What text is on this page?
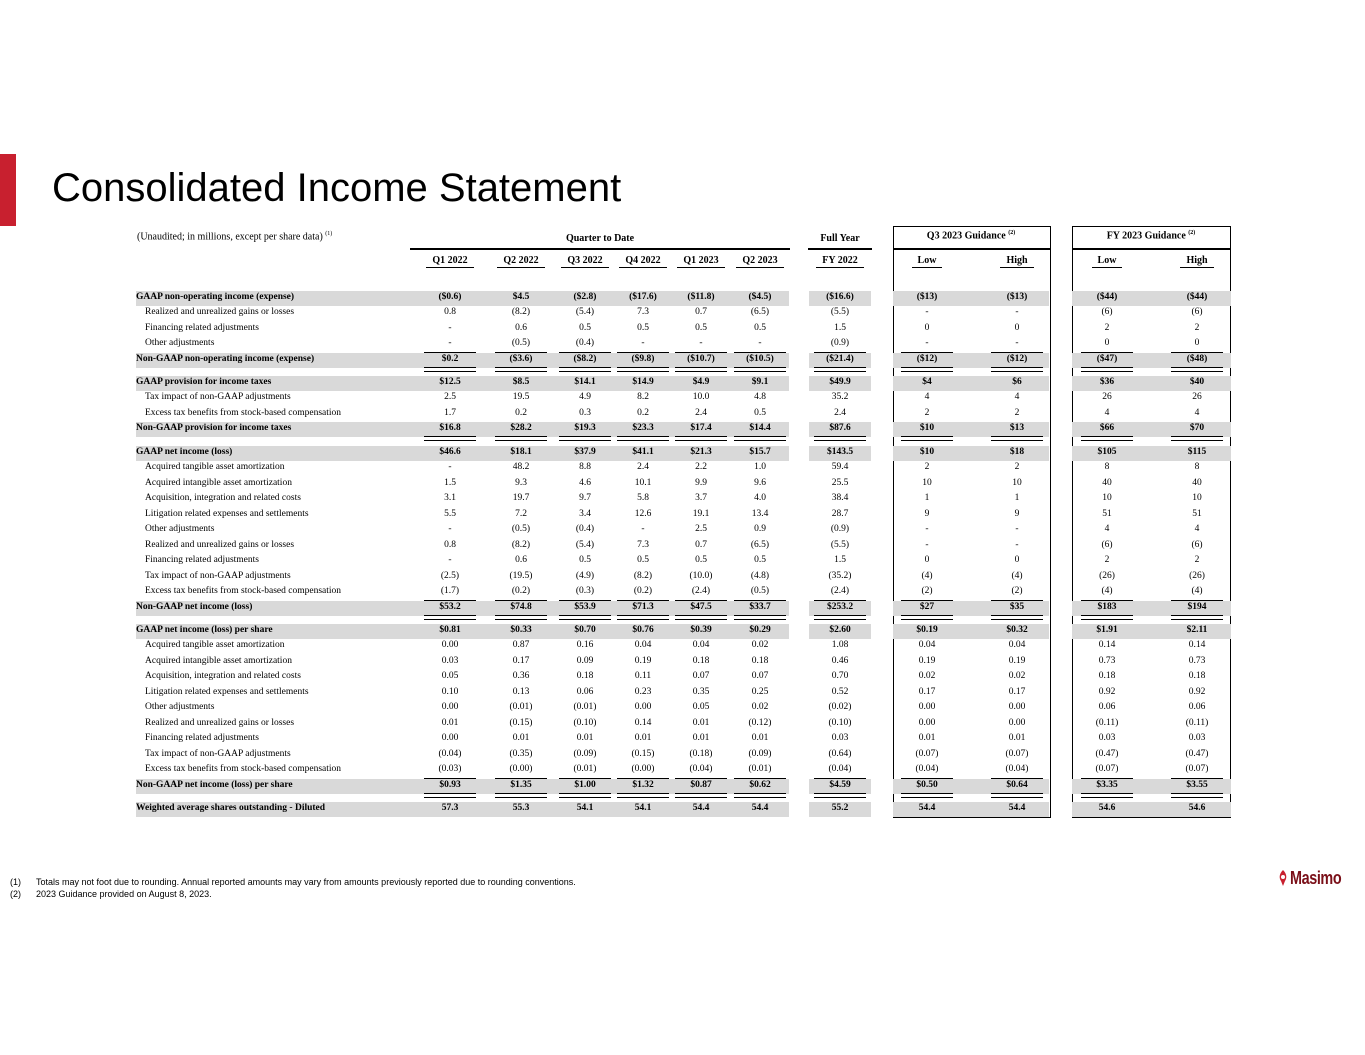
Consolidated Income Statement
(Unaudited; in millions, except per share data) $^{(1)}$	Quarter to Date	Full Year	Q3 2023 Guidance $^{(2)}$	FY 2023 Guidance $^{(2)}$
Q1 2022	Q2 2022	Q3 2022	Q4 2022	Q1 2023	Q2 2023	FY 2022	Low	High	Low	High
GAAP non-operating income (expense)	($0.6)	$4.5	($2.8)	($17.6)	($11.8)	($4.5)	($16.6)	($13)	($13)	($44)	($44)
Realized and unrealized gains or losses	0.8	(8.2)	(5.4)	7.3	0.7	(6.5)	(5.5)	-	-	(6)	(6)
Financing related adjustments	-	0.6	0.5	0.5	0.5	0.5	1.5	0	0	2	2
Other adjustments	-	(0.5)	(0.4)	-	-	-	(0.9)	-	-	0	0
Non-GAAP non-operating income (expense)	$0.2	($3.6)	($8.2)	($9.8)	($10.7)	($10.5)	($21.4)	($12)	($12)	($47)	($48)
GAAP provision for income taxes	$12.5	$8.5	$14.1	$14.9	$4.9	$9.1	$49.9	$4	$6	$36	$40
Tax impact of non-GAAP adjustments	2.5	19.5	4.9	8.2	10.0	4.8	35.2	4	4	26	26
Excess tax benefits from stock-based compensation	1.7	0.2	0.3	0.2	2.4	0.5	2.4	2	2	4	4
Non-GAAP provision for income taxes	$16.8	$28.2	$19.3	$23.3	$17.4	$14.4	$87.6	$10	$13	$66	$70
GAAP net income (loss)	$46.6	$18.1	$37.9	$41.1	$21.3	$15.7	$143.5	$10	$18	$105	$115
Acquired tangible asset amortization	-	48.2	8.8	2.4	2.2	1.0	59.4	2	2	8	8
Acquired intangible asset amortization	1.5	9.3	4.6	10.1	9.9	9.6	25.5	10	10	40	40
Acquisition, integration and related costs	3.1	19.7	9.7	5.8	3.7	4.0	38.4	1	1	10	10
Litigation related expenses and settlements	5.5	7.2	3.4	12.6	19.1	13.4	28.7	9	9	51	51
Other adjustments	-	(0.5)	(0.4)	-	2.5	0.9	(0.9)	-	-	4	4
Realized and unrealized gains or losses	0.8	(8.2)	(5.4)	7.3	0.7	(6.5)	(5.5)	-	-	(6)	(6)
Financing related adjustments	-	0.6	0.5	0.5	0.5	0.5	1.5	0	0	2	2
Tax impact of non-GAAP adjustments	(2.5)	(19.5)	(4.9)	(8.2)	(10.0)	(4.8)	(35.2)	(4)	(4)	(26)	(26)
Excess tax benefits from stock-based compensation	(1.7)	(0.2)	(0.3)	(0.2)	(2.4)	(0.5)	(2.4)	(2)	(2)	(4)	(4)
Non-GAAP net income (loss)	$53.2	$74.8	$53.9	$71.3	$47.5	$33.7	$253.2	$27	$35	$183	$194
GAAP net income (loss) per share	$0.81	$0.33	$0.70	$0.76	$0.39	$0.29	$2.60	$0.19	$0.32	$1.91	$2.11
Acquired tangible asset amortization	0.00	0.87	0.16	0.04	0.04	0.02	1.08	0.04	0.04	0.14	0.14
Acquired intangible asset amortization	0.03	0.17	0.09	0.19	0.18	0.18	0.46	0.19	0.19	0.73	0.73
Acquisition, integration and related costs	0.05	0.36	0.18	0.11	0.07	0.07	0.70	0.02	0.02	0.18	0.18
Litigation related expenses and settlements	0.10	0.13	0.06	0.23	0.35	0.25	0.52	0.17	0.17	0.92	0.92
Other adjustments	0.00	(0.01)	(0.01)	0.00	0.05	0.02	(0.02)	0.00	0.00	0.06	0.06
Realized and unrealized gains or losses	0.01	(0.15)	(0.10)	0.14	0.01	(0.12)	(0.10)	0.00	0.00	(0.11)	(0.11)
Financing related adjustments	0.00	0.01	0.01	0.01	0.01	0.01	0.03	0.01	0.01	0.03	0.03
Tax impact of non-GAAP adjustments	(0.04)	(0.35)	(0.09)	(0.15)	(0.18)	(0.09)	(0.64)	(0.07)	(0.07)	(0.47)	(0.47)
Excess tax benefits from stock-based compensation	(0.03)	(0.00)	(0.01)	(0.00)	(0.04)	(0.01)	(0.04)	(0.04)	(0.04)	(0.07)	(0.07)
Non-GAAP net income (loss) per share	$0.93	$1.35	$1.00	$1.32	$0.87	$0.62	$4.59	$0.50	$0.64	$3.35	$3.55
Weighted average shares outstanding - Diluted	57.3	55.3	54.1	54.1	54.4	54.4	55.2	54.4	54.4	54.6	54.6
(1) Totals may not foot due to rounding. Annual reported amounts may vary from amounts previously reported due to rounding conventions.
(2) 2023 Guidance provided on August 8, 2023.
Masimo
